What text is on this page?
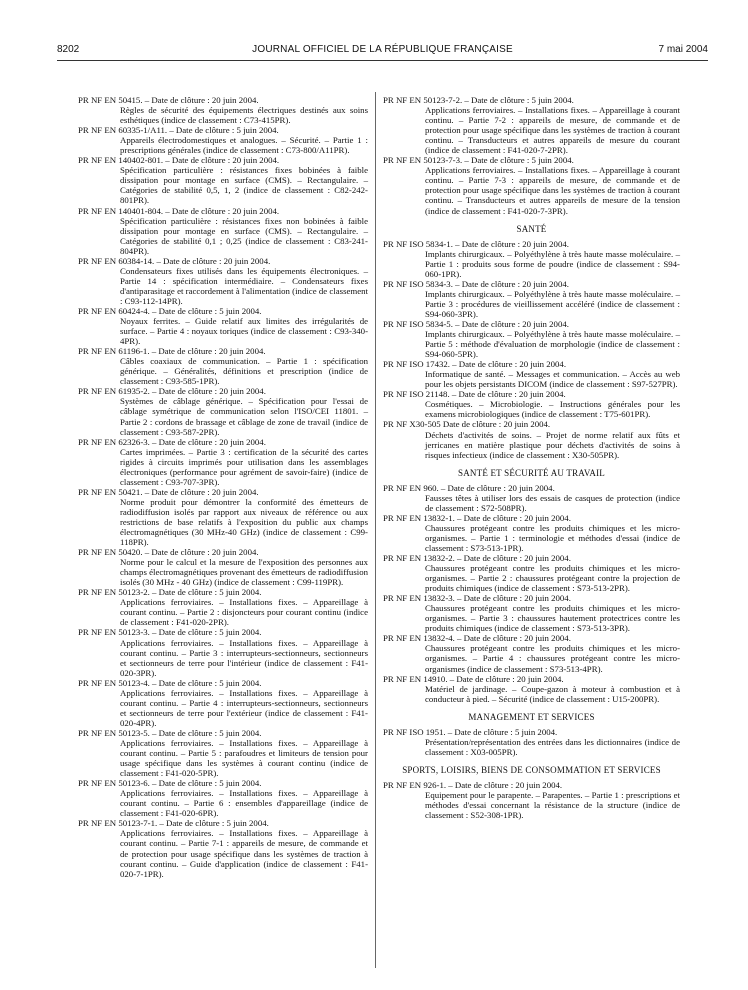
8202	JOURNAL OFFICIEL DE LA RÉPUBLIQUE FRANÇAISE	7 mai 2004
PR NF EN 50415. – Date de clôture : 20 juin 2004.
Règles de sécurité des équipements électriques destinés aux soins esthétiques (indice de classement : C73-415PR).
PR NF EN 60335-1/A11. – Date de clôture : 5 juin 2004.
Appareils électrodomestiques et analogues. – Sécurité. – Partie 1 : prescriptions générales (indice de classement : C73-800/A11PR).
PR NF EN 140402-801. – Date de clôture : 20 juin 2004.
Spécification particulière : résistances fixes bobinées à faible dissipation pour montage en surface (CMS). – Rectangulaire. – Catégories de stabilité 0,5, 1, 2 (indice de classement : C82-242-801PR).
PR NF EN 140401-804. – Date de clôture : 20 juin 2004.
Spécification particulière : résistances fixes non bobinées à faible dissipation pour montage en surface (CMS). – Rectangulaire. – Catégories de stabilité 0,1 ; 0,25 (indice de classement : C83-241-804PR).
PR NF EN 60384-14. – Date de clôture : 20 juin 2004.
Condensateurs fixes utilisés dans les équipements électroniques. – Partie 14 : spécification intermédiaire. – Condensateurs fixes d'antiparasitage et raccordement à l'alimentation (indice de classement : C93-112-14PR).
PR NF EN 60424-4. – Date de clôture : 5 juin 2004.
Noyaux ferrites. – Guide relatif aux limites des irrégularités de surface. – Partie 4 : noyaux toriques (indice de classement : C93-340-4PR).
PR NF EN 61196-1. – Date de clôture : 20 juin 2004.
Câbles coaxiaux de communication. – Partie 1 : spécification générique. – Généralités, définitions et prescription (indice de classement : C93-585-1PR).
PR NF EN 61935-2. – Date de clôture : 20 juin 2004.
Systèmes de câblage générique. – Spécification pour l'essai de câblage symétrique de communication selon l'ISO/CEI 11801. – Partie 2 : cordons de brassage et câblage de zone de travail (indice de classement : C93-587-2PR).
PR NF EN 62326-3. – Date de clôture : 20 juin 2004.
Cartes imprimées. – Partie 3 : certification de la sécurité des cartes rigides à circuits imprimés pour utilisation dans les assemblages électroniques (performance pour agrément de savoir-faire) (indice de classement : C93-707-3PR).
PR NF EN 50421. – Date de clôture : 20 juin 2004.
Norme produit pour démontrer la conformité des émetteurs de radiodiffusion isolés par rapport aux niveaux de référence ou aux restrictions de base relatifs à l'exposition du public aux champs électromagnétiques (30 MHz-40 GHz) (indice de classement : C99-118PR).
PR NF EN 50420. – Date de clôture : 20 juin 2004.
Norme pour le calcul et la mesure de l'exposition des personnes aux champs électromagnétiques provenant des émetteurs de radiodiffusion isolés (30 MHz - 40 GHz) (indice de classement : C99-119PR).
PR NF EN 50123-2. – Date de clôture : 5 juin 2004.
Applications ferroviaires. – Installations fixes. – Appareillage à courant continu. – Partie 2 : disjoncteurs pour courant continu (indice de classement : F41-020-2PR).
PR NF EN 50123-3. – Date de clôture : 5 juin 2004.
Applications ferroviaires. – Installations fixes. – Appareillage à courant continu. – Partie 3 : interrupteurs-sectionneurs, sectionneurs et sectionneurs de terre pour l'intérieur (indice de classement : F41-020-3PR).
PR NF EN 50123-4. – Date de clôture : 5 juin 2004.
Applications ferroviaires. – Installations fixes. – Appareillage à courant continu. – Partie 4 : interrupteurs-sectionneurs, sectionneurs et sectionneurs de terre pour l'extérieur (indice de classement : F41-020-4PR).
PR NF EN 50123-5. – Date de clôture : 5 juin 2004.
Applications ferroviaires. – Installations fixes. – Appareillage à courant continu. – Partie 5 : parafoudres et limiteurs de tension pour usage spécifique dans les systèmes à courant continu (indice de classement : F41-020-5PR).
PR NF EN 50123-6. – Date de clôture : 5 juin 2004.
Applications ferroviaires. – Installations fixes. – Appareillage à courant continu. – Partie 6 : ensembles d'appareillage (indice de classement : F41-020-6PR).
PR NF EN 50123-7-1. – Date de clôture : 5 juin 2004.
Applications ferroviaires. – Installations fixes. – Appareillage à courant continu. – Partie 7-1 : appareils de mesure, de commande et de protection pour usage spécifique dans les systèmes de traction à courant continu. – Guide d'application (indice de classement : F41-020-7-1PR).
PR NF EN 50123-7-2. – Date de clôture : 5 juin 2004.
Applications ferroviaires. – Installations fixes. – Appareillage à courant continu. – Partie 7-2 : appareils de mesure, de commande et de protection pour usage spécifique dans les systèmes de traction à courant continu. – Transducteurs et autres appareils de mesure du courant (indice de classement : F41-020-7-2PR).
PR NF EN 50123-7-3. – Date de clôture : 5 juin 2004.
Applications ferroviaires. – Installations fixes. – Appareillage à courant continu. – Partie 7-3 : appareils de mesure, de commande et de protection pour usage spécifique dans les systèmes de traction à courant continu. – Transducteurs et autres appareils de mesure de la tension (indice de classement : F41-020-7-3PR).
SANTÉ
PR NF ISO 5834-1. – Date de clôture : 20 juin 2004.
Implants chirurgicaux. – Polyéthylène à très haute masse moléculaire. – Partie 1 : produits sous forme de poudre (indice de classement : S94-060-1PR).
PR NF ISO 5834-3. – Date de clôture : 20 juin 2004.
Implants chirurgicaux. – Polyéthylène à très haute masse moléculaire. – Partie 3 : procédures de vieillissement accéléré (indice de classement : S94-060-3PR).
PR NF ISO 5834-5. – Date de clôture : 20 juin 2004.
Implants chirurgicaux. – Polyéthylène à très haute masse moléculaire. – Partie 5 : méthode d'évaluation de morphologie (indice de classement : S94-060-5PR).
PR NF ISO 17432. – Date de clôture : 20 juin 2004.
Informatique de santé. – Messages et communication. – Accès au web pour les objets persistants DICOM (indice de classement : S97-527PR).
PR NF ISO 21148. – Date de clôture : 20 juin 2004.
Cosmétiques. – Microbiologie. – Instructions générales pour les examens microbiologiques (indice de classement : T75-601PR).
PR NF X30-505 Date de clôture : 20 juin 2004.
Déchets d'activités de soins. – Projet de norme relatif aux fûts et jerricanes en matière plastique pour déchets d'activités de soins à risques infectieux (indice de classement : X30-505PR).
SANTÉ ET SÉCURITÉ AU TRAVAIL
PR NF EN 960. – Date de clôture : 20 juin 2004.
Fausses têtes à utiliser lors des essais de casques de protection (indice de classement : S72-508PR).
PR NF EN 13832-1. – Date de clôture : 20 juin 2004.
Chaussures protégeant contre les produits chimiques et les micro-organismes. – Partie 1 : terminologie et méthodes d'essai (indice de classement : S73-513-1PR).
PR NF EN 13832-2. – Date de clôture : 20 juin 2004.
Chaussures protégeant contre les produits chimiques et les micro-organismes. – Partie 2 : chaussures protégeant contre la projection de produits chimiques (indice de classement : S73-513-2PR).
PR NF EN 13832-3. – Date de clôture : 20 juin 2004.
Chaussures protégeant contre les produits chimiques et les micro-organismes. – Partie 3 : chaussures hautement protectrices contre les produits chimiques (indice de classement : S73-513-3PR).
PR NF EN 13832-4. – Date de clôture : 20 juin 2004.
Chaussures protégeant contre les produits chimiques et les micro-organismes. – Partie 4 : chaussures protégeant contre les micro-organismes (indice de classement : S73-513-4PR).
PR NF EN 14910. – Date de clôture : 20 juin 2004.
Matériel de jardinage. – Coupe-gazon à moteur à combustion et à conducteur à pied. – Sécurité (indice de classement : U15-200PR).
MANAGEMENT ET SERVICES
PR NF ISO 1951. – Date de clôture : 5 juin 2004.
Présentation/représentation des entrées dans les dictionnaires (indice de classement : X03-005PR).
SPORTS, LOISIRS, BIENS DE CONSOMMATION ET SERVICES
PR NF EN 926-1. – Date de clôture : 20 juin 2004.
Equipement pour le parapente. – Parapentes. – Partie 1 : prescriptions et méthodes d'essai concernant la résistance de la structure (indice de classement : S52-308-1PR).
